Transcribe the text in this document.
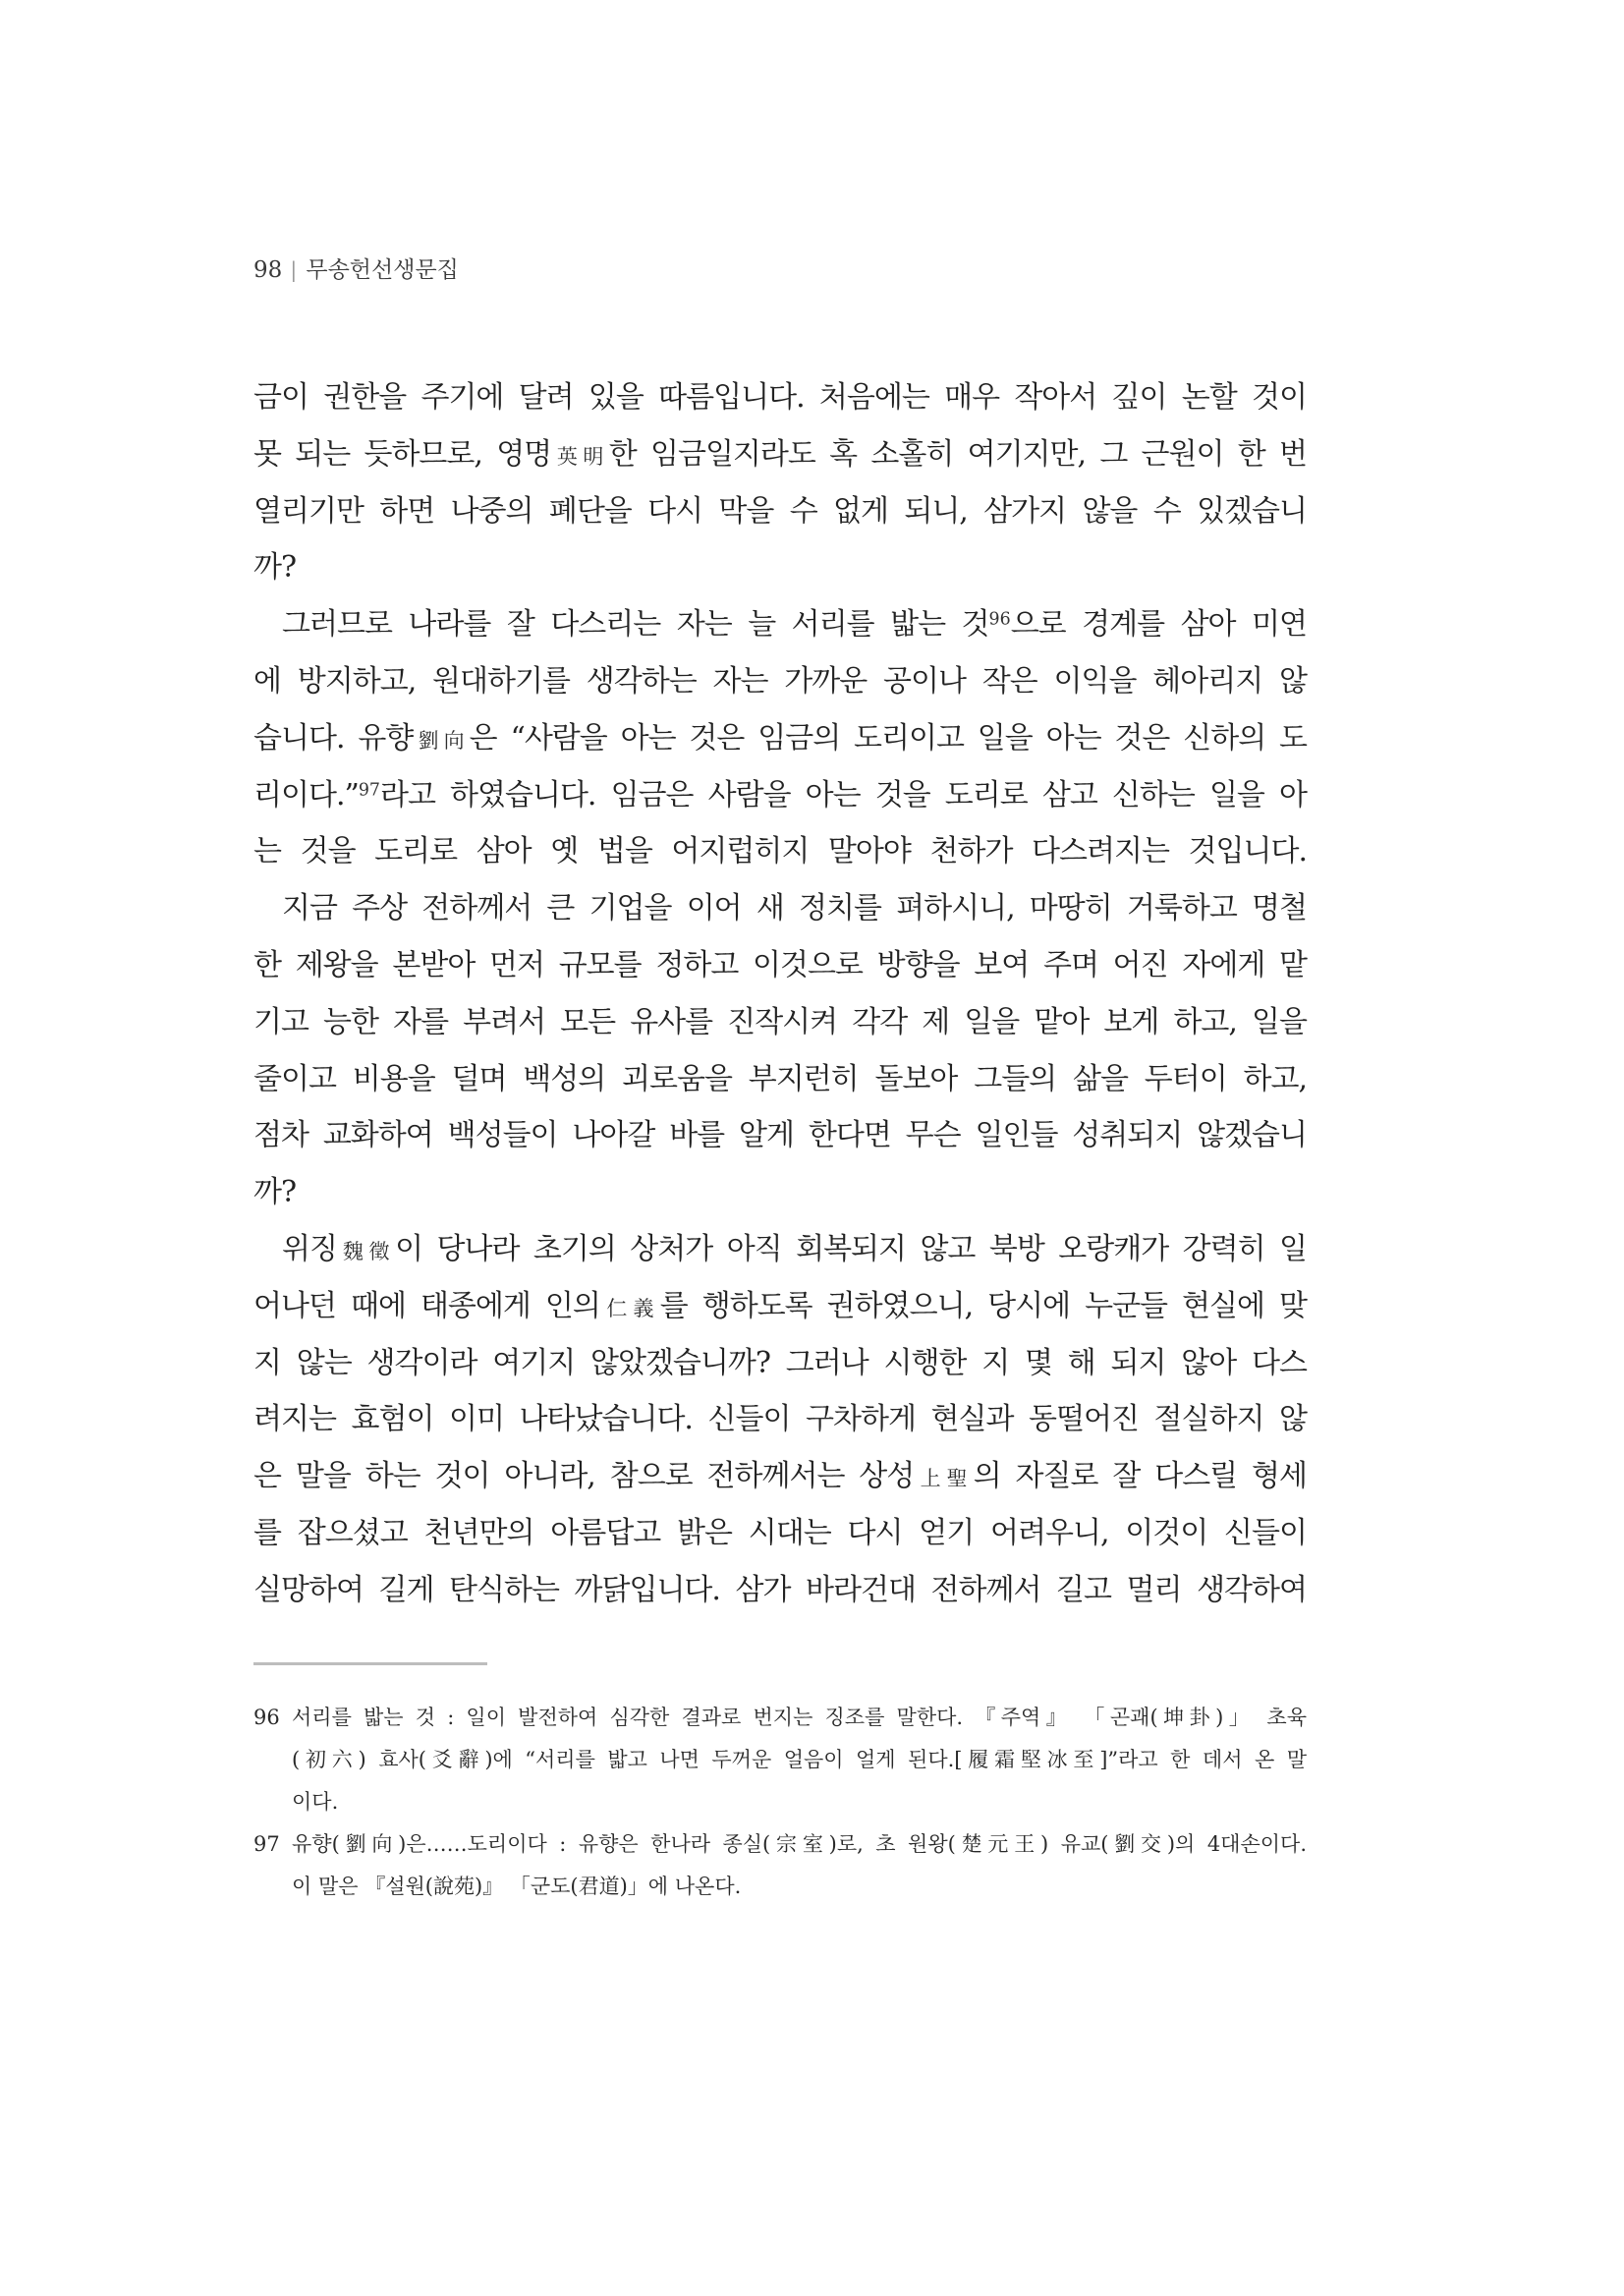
98 | 무송헌선생문집
금이 권한을 주기에 달려 있을 따름입니다. 처음에는 매우 작아서 깊이 논할 것이
못 되는 듯하므로, 영명英明한 임금일지라도 혹 소홀히 여기지만, 그 근원이 한 번
열리기만 하면 나중의 폐단을 다시 막을 수 없게 되니, 삼가지 않을 수 있겠습니
까?
그러므로 나라를 잘 다스리는 자는 늘 서리를 밟는 것$^{96}$으로 경계를 삼아 미연
에 방지하고, 원대하기를 생각하는 자는 가까운 공이나 작은 이익을 헤아리지 않
습니다. 유향劉向은 “사람을 아는 것은 임금의 도리이고 일을 아는 것은 신하의 도
리이다.”$^{97}$라고 하였습니다. 임금은 사람을 아는 것을 도리로 삼고 신하는 일을 아
는 것을 도리로 삼아 옛 법을 어지럽히지 말아야 천하가 다스려지는 것입니다.
지금 주상 전하께서 큰 기업을 이어 새 정치를 펴하시니, 마땅히 거룩하고 명철
한 제왕을 본받아 먼저 규모를 정하고 이것으로 방향을 보여 주며 어진 자에게 맡
기고 능한 자를 부려서 모든 유사를 진작시켜 각각 제 일을 맡아 보게 하고, 일을
줄이고 비용을 덜며 백성의 괴로움을 부지런히 돌보아 그들의 삶을 두터이 하고,
점차 교화하여 백성들이 나아갈 바를 알게 한다면 무슨 일인들 성취되지 않겠습니
까?
위징魏徵이 당나라 초기의 상처가 아직 회복되지 않고 북방 오랑캐가 강력히 일
어나던 때에 태종에게 인의仁義를 행하도록 권하였으니, 당시에 누군들 현실에 맞
지 않는 생각이라 여기지 않았겠습니까? 그러나 시행한 지 몇 해 되지 않아 다스
려지는 효험이 이미 나타났습니다. 신들이 구차하게 현실과 동떨어진 절실하지 않
은 말을 하는 것이 아니라, 참으로 전하께서는 상성上聖의 자질로 잘 다스릴 형세
를 잡으셨고 천년만의 아름답고 밝은 시대는 다시 얻기 어려우니, 이것이 신들이
실망하여 길게 탄식하는 까닭입니다. 삼가 바라건대 전하께서 길고 멀리 생각하여
96 서리를 밟는 것 : 일이 발전하여 심각한 결과로 번지는 징조를 말한다. 『주역』 「곤괘(坤卦)」 초육
(初六) 효사(爻辭)에 “서리를 밟고 나면 두꺼운 얼음이 얼게 된다.[履霜堅冰至]”라고 한 데서 온 말
이다.
97 유향(劉向)은……도리이다 : 유향은 한나라 종실(宗室)로, 초 원왕(楚元王) 유교(劉交)의 4대손이다.
이 말은 『설원(說苑)』 「군도(君道)」에 나온다.
